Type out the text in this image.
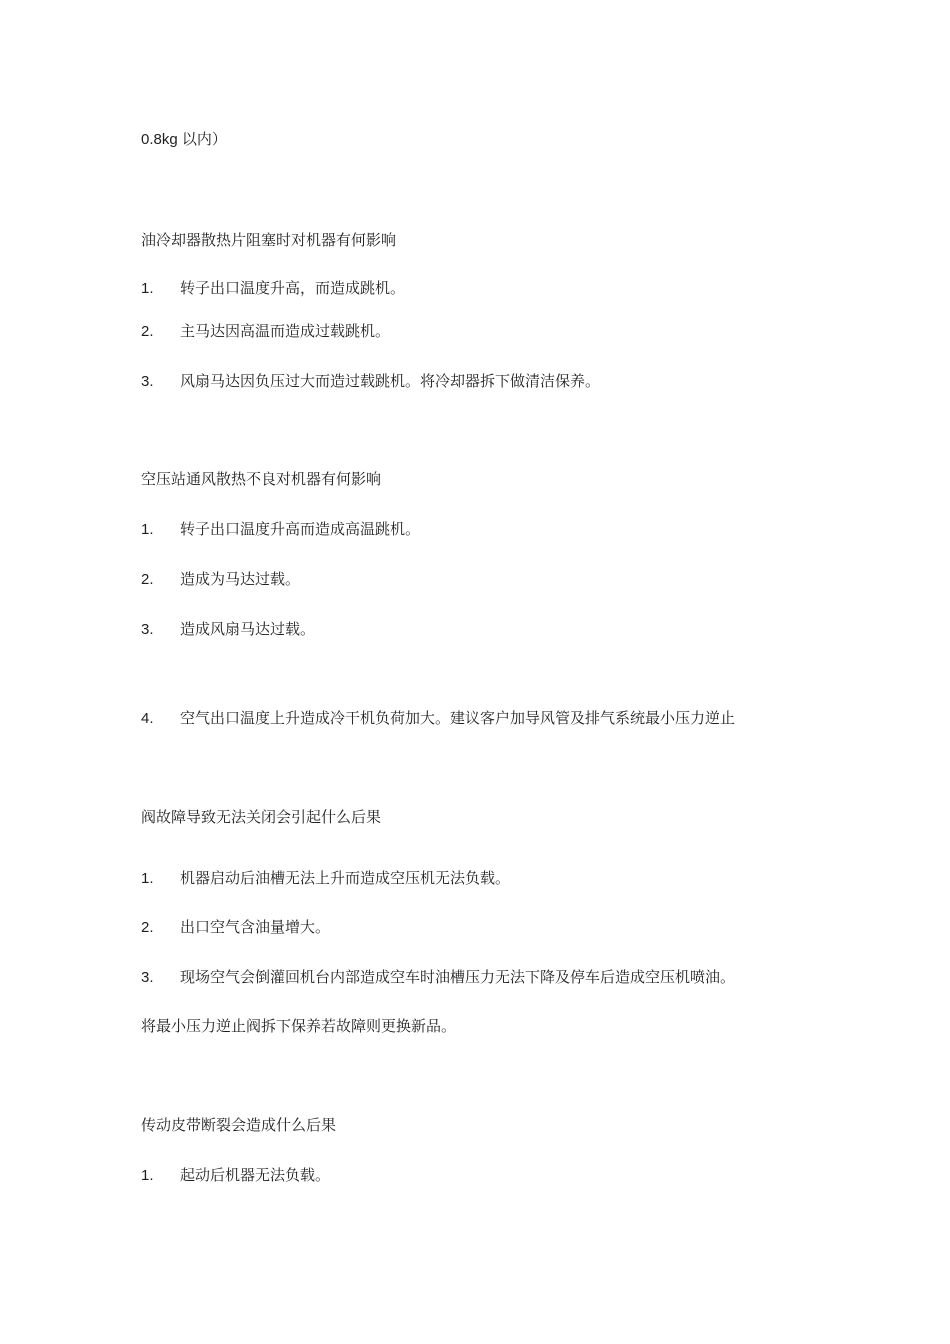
0.8kg 以内）
油冷却器散热片阻塞时对机器有何影响
1. 转子出口温度升高，而造成跳机。
2. 主马达因高温而造成过载跳机。
3. 风扇马达因负压过大而造过载跳机。将冷却器拆下做清洁保养。
空压站通风散热不良对机器有何影响
1. 转子出口温度升高而造成高温跳机。
2. 造成为马达过载。
3. 造成风扇马达过载。
4. 空气出口温度上升造成冷干机负荷加大。建议客户加导风管及排气系统最小压力逆止
阀故障导致无法关闭会引起什么后果
1. 机器启动后油槽无法上升而造成空压机无法负载。
2. 出口空气含油量增大。
3. 现场空气会倒灌回机台内部造成空车时油槽压力无法下降及停车后造成空压机喷油。
将最小压力逆止阀拆下保养若故障则更换新品。
传动皮带断裂会造成什么后果
1. 起动后机器无法负载。
